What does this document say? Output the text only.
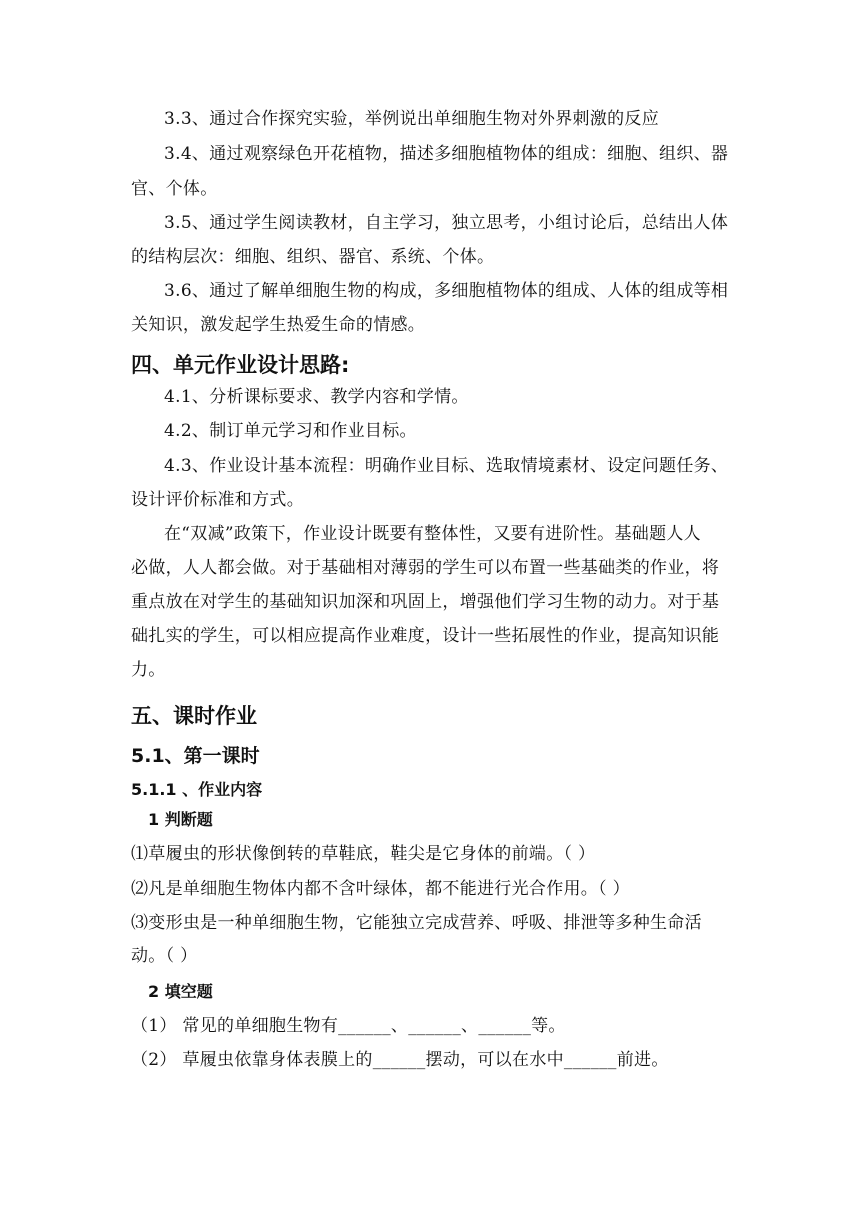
3.3、通过合作探究实验，举例说出单细胞生物对外界刺激的反应
3.4、通过观察绿色开花植物，描述多细胞植物体的组成：细胞、组织、器
官、个体。
3.5、通过学生阅读教材，自主学习，独立思考，小组讨论后，总结出人体
的结构层次：细胞、组织、器官、系统、个体。
3.6、通过了解单细胞生物的构成，多细胞植物体的组成、人体的组成等相
关知识，激发起学生热爱生命的情感。
四、单元作业设计思路:
4.1、分析课标要求、教学内容和学情。
4.2、制订单元学习和作业目标。
4.3、作业设计基本流程：明确作业目标、选取情境素材、设定问题任务、
设计评价标准和方式。
在“双减”政策下，作业设计既要有整体性，又要有进阶性。基础题人人
必做，人人都会做。对于基础相对薄弱的学生可以布置一些基础类的作业，将
重点放在对学生的基础知识加深和巩固上，增强他们学习生物的动力。对于基
础扎实的学生，可以相应提高作业难度，设计一些拓展性的作业，提高知识能
力。
五、课时作业
5.1、第一课时
5.1.1 、作业内容
1 判断题
⑴草履虫的形状像倒转的草鞋底，鞋尖是它身体的前端。（ ）
⑵凡是单细胞生物体内都不含叶绿体，都不能进行光合作用。（ ）
⑶变形虫是一种单细胞生物，它能独立完成营养、呼吸、排泄等多种生命活
动。（ ）
2 填空题
（1） 常见的单细胞生物有______、______、______等。
（2） 草履虫依靠身体表膜上的______摆动，可以在水中______前进。
